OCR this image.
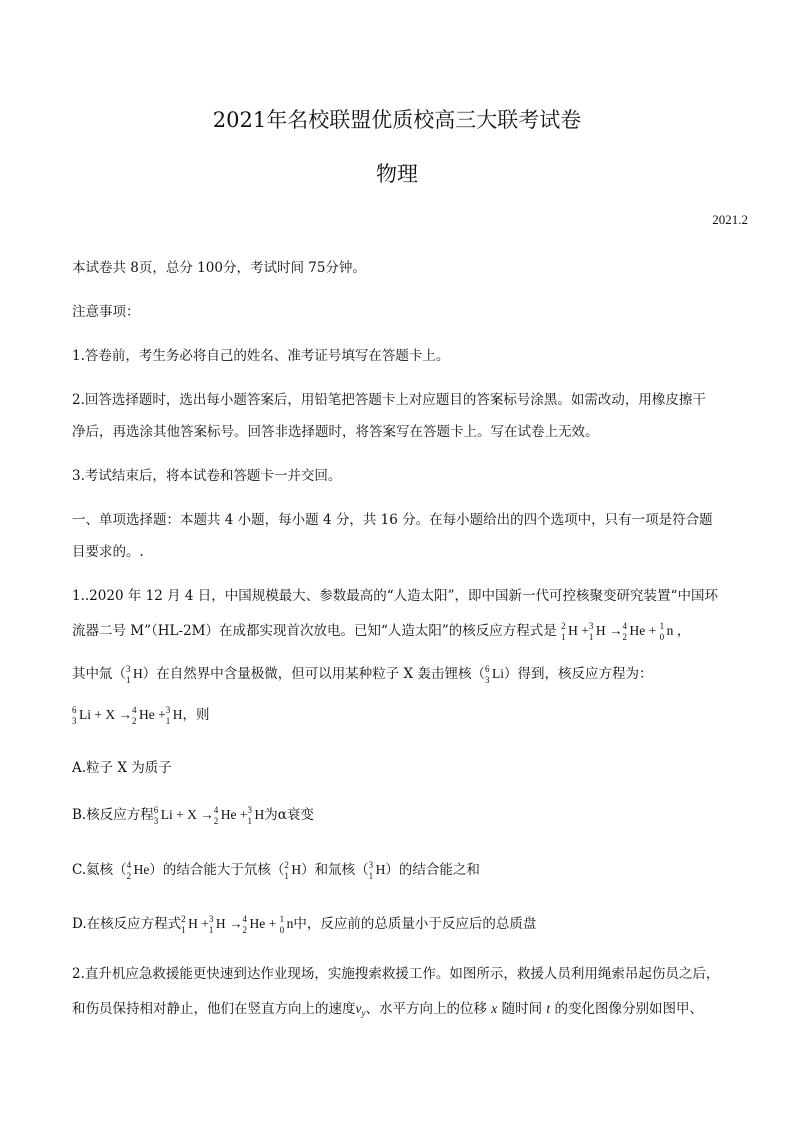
2021年名校联盟优质校高三大联考试卷
物理
2021.2
本试卷共 8页，总分 100分，考试时间 75分钟。
注意事项：
1.答卷前，考生务必将自己的姓名、准考证号填写在答题卡上。
2.回答选择题时，选出每小题答案后，用铅笔把答题卡上对应题目的答案标号涂黑。如需改动，用橡皮擦干
净后，再选涂其他答案标号。回答非选择题时，将答案写在答题卡上。写在试卷上无效。
3.考试结束后，将本试卷和答题卡一并交回。
一、单项选择题：本题共 4 小题，每小题 4 分，共 16 分。在每小题给出的四个选项中，只有一项是符合题
目要求的。.
1..2020 年 12 月 4 日，中国规模最大、参数最高的“人造太阳”，即中国新一代可控核聚变研究装置“中国环
流器二号 M”（HL-2M）在成都实现首次放电。已知“人造太阳”的核反应方程式是 2
1 H + 3
1 H → 4
2 He + 1
0 n ，
其中氚（ 3
1 H）在自然界中含量极微，但可以用某种粒子 X 轰击锂核（ 6
3 Li）得到，核反应方程为：
6
3 Li + X → 4
2 He + 3
1 H，则
A.粒子 X 为质子
B.核反应方程 6
3 Li + X → 4
2 He + 3
1 H为α衰变
C.氦核（ 4
2 He）的结合能大于氘核（ 2
1 H）和氚核（ 3
1 H）的结合能之和
D.在核反应方程式 2
1 H + 3
1 H → 4
2 He + 1
0 n中，反应前的总质量小于反应后的总质盘
2.直升机应急救援能更快速到达作业现场，实施搜索救援工作。如图所示，救援人员利用绳索吊起伤员之后，
和伤员保持相对静止，他们在竖直方向上的速度$v_y$、水平方向上的位移 x 随时间 t 的变化图像分别如图甲、
